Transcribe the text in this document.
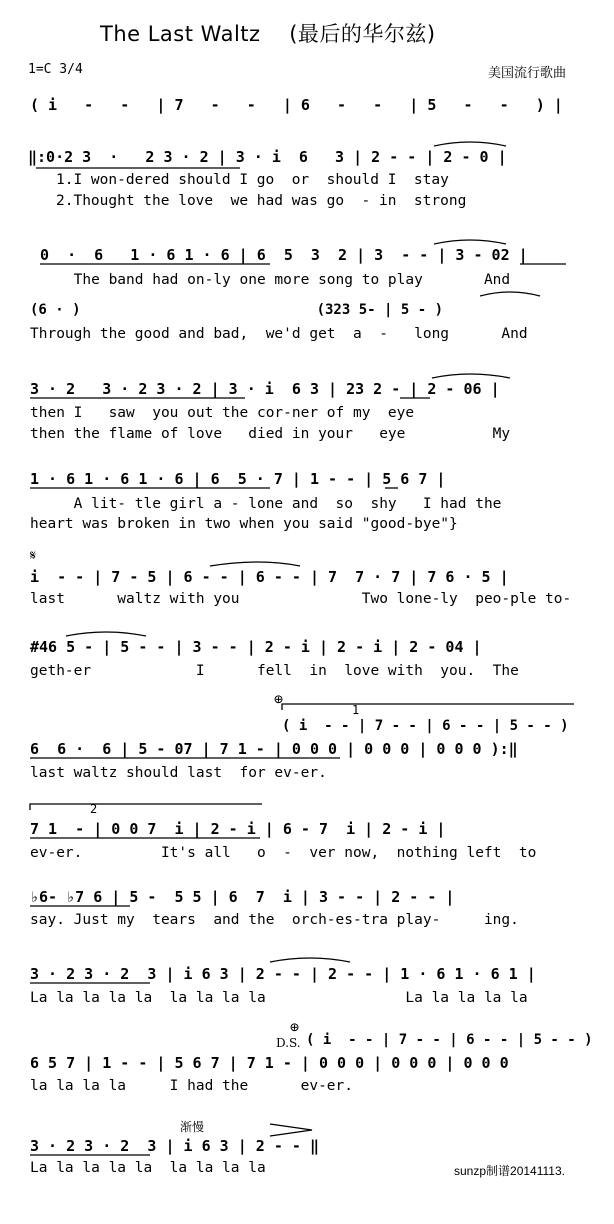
The Last Waltz    (最后的华尔兹)
1=C 3/4	美国流行歌曲
( i   -   -   | 7   -   -   | 6   -   -   | 5   -   -   ) |
‖:0·2 3  ·   2 3 · 2 | 3 · i  6   3 | 2 - - | 2 - 0 |
1.I won-dered should I go  or  should I  stay
2.Thought the love  we had was go  - in  strong
0  ·  6   1 · 6 1 · 6 | 6  5  3  2 | 3  - - | 3 - 02 |
The band had on-ly one more song to play       And
(6 · )                            (323 5- | 5 - )
Through the good and bad,  we'd get  a  -   long      And
3 · 2   3 · 2 3 · 2 | 3 · i  6 3 | 23 2 - | 2 - 06 |
then I   saw  you out the cor-ner of my  eye
then the flame of love   died in your   eye          My
1 · 6 1 · 6 1 · 6 | 6  5 · 7 | 1 - - | 5 6 7 |
A lit- tle girl a - lone and  so  shy   I had the
heart was broken in two when you said "good-bye"}
𝄋
i  - - | 7 - 5 | 6 - - | 6 - - | 7  7 · 7 | 7 6 · 5 |
last      waltz with you              Two lone-ly  peo-ple to-
#46 5 - | 5 - - | 3 - - | 2 - i | 2 - i | 2 - 04 |
geth-er            I      fell  in  love with  you.  The
⊕
1
( i  - - | 7 - - | 6 - - | 5 - - )
6  6 ·  6 | 5 - 07 | 7 1 - | 0 0 0 | 0 0 0 | 0 0 0 ):‖
last waltz should last  for ev-er.
2
7 1  - | 0 0 7  i | 2 - i | 6 - 7  i | 2 - i |
ev-er.         It's all   o  -  ver now,  nothing left  to
♭6- ♭7 6 | 5 -  5 5 | 6  7  i | 3 - - | 2 - - |
say. Just my  tears  and the  orch-es-tra play-     ing.
3 · 2 3 · 2  3 | i 6 3 | 2 - - | 2 - - | 1 · 6 1 · 6 1 |
La la la la la  la la la la                La la la la la
D.S.
⊕
( i  - - | 7 - - | 6 - - | 5 - - )
6 5 7 | 1 - - | 5 6 7 | 7 1 - | 0 0 0 | 0 0 0 | 0 0 0
la la la la     I had the      ev-er.
渐慢
3 · 2 3 · 2  3 | i 6 3 | 2 - - ‖
La la la la la  la la la la	sunzp制谱20141113.
